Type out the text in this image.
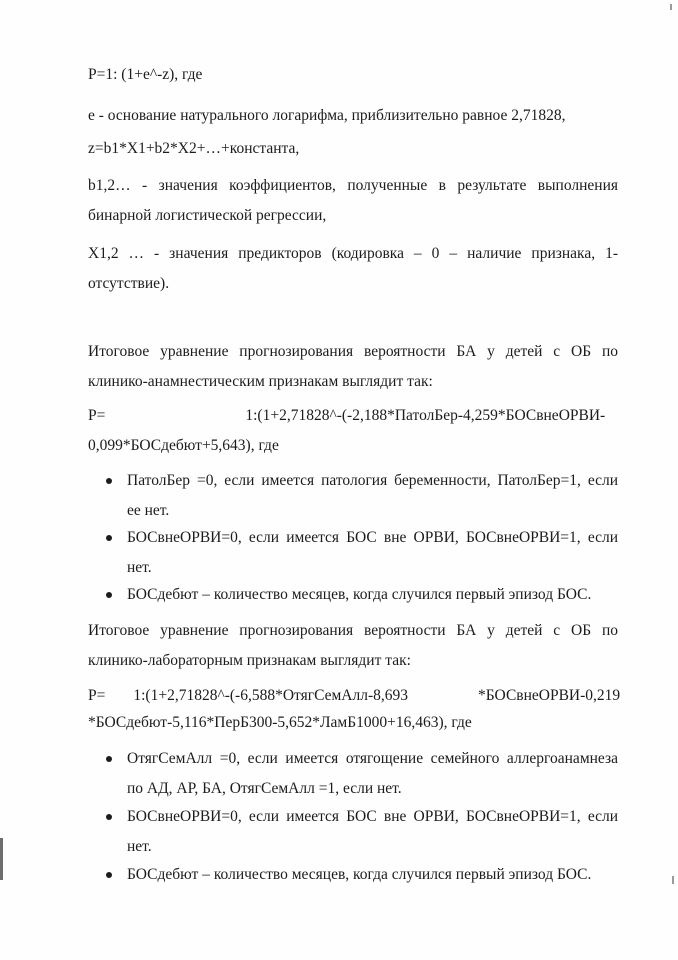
P=1: (1+e^-z), где
e - основание натурального логарифма, приблизительно равное 2,71828,
z=b1*X1+b2*X2+…+константа,
b1,2… - значения коэффициентов, полученные в результате выполнения
бинарной логистической регрессии,
X1,2 … - значения предикторов (кодировка – 0 – наличие признака, 1-
отсутствие).
Итоговое уравнение прогнозирования вероятности БА у детей с ОБ по
клинико-анамнестическим признакам выглядит так:
P=	1:(1+2,71828^-(-2,188*ПатолБер-4,259*БОСвнеОРВИ-
0,099*БОСдебют+5,643), где
ПатолБер =0, если имеется патология беременности, ПатолБер=1, если
ее нет.
БОСвнеОРВИ=0, если имеется БОС вне ОРВИ, БОСвнеОРВИ=1, если
нет.
БОСдебют – количество месяцев, когда случился первый эпизод БОС.
Итоговое уравнение прогнозирования вероятности БА у детей с ОБ по
клинико-лабораторным признакам выглядит так:
P= 1:(1+2,71828^-(-6,588*ОтягСемАлл-8,693	*БОСвнеОРВИ-0,219
*БОСдебют-5,116*ПерБ300-5,652*ЛамБ1000+16,463), где
ОтягСемАлл =0, если имеется отягощение семейного аллергоанамнеза
по АД, АР, БА, ОтягСемАлл =1, если нет.
БОСвнеОРВИ=0, если имеется БОС вне ОРВИ, БОСвнеОРВИ=1, если
нет.
БОСдебют – количество месяцев, когда случился первый эпизод БОС.
